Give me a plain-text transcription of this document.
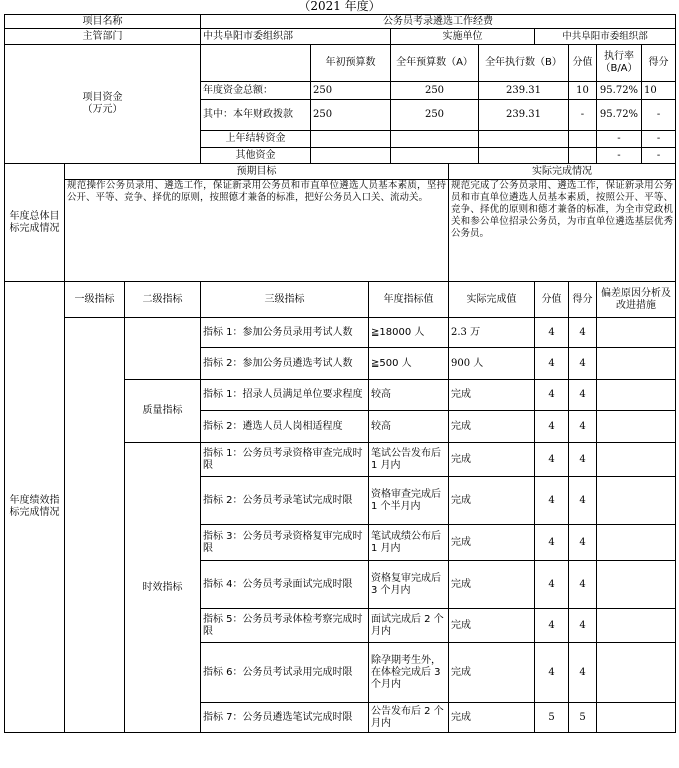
（2021 年度）
项目名称			公务员考录遴选工作经费									
主管部门			中共阜阳市委组织部			实施单位			中共阜阳市委组织部			
项目资金
（万元）				年初预算数		全年预算数（A）		全年执行数（B）		分值	执行率（B/A）	得分
			年度资金总额：	250		250		239.31		10	95.72%	10
			其中：本年财政拨款	250		250		239.31		-	95.72%	-
			上年结转资金								-	-
			其他资金								-	-
年度总体目标完成情况	预期目标						实际完成情况					
	规范操作公务员录用、遴选工作，保证新录用公务员和市直单位遴选人员基本素质，坚持公开、平等、竞争、择优的原则，按照德才兼备的标准，把好公务员入口关、流动关。						规范完成了公务员录用、遴选工作，保证新录用公务员和市直单位遴选人员基本素质，按照公开、平等、竞争、择优的原则和德才兼备的标准，为全市党政机关和参公单位招录公务员，为市直单位遴选基层优秀公务员。					
年度绩效指标完成情况	一级指标	二级指标	三级指标		年度指标值		实际完成值		分值	得分	偏差原因分析及改进措施	
			指标 1：参加公务员录用考试人数		≧18000 人		2.3 万		4	4		
			指标 2：参加公务员遴选考试人数		≧500 人		900 人		4	4		
		质量指标	指标 1：招录人员满足单位要求程度		较高		完成		4	4		
			指标 2：遴选人员人岗相适程度		较高		完成		4	4		
		时效指标	指标 1：公务员考录资格审查完成时限		笔试公告发布后 1 月内		完成		4	4		
			指标 2：公务员考录笔试完成时限		资格审查完成后 1 个半月内		完成		4	4		
			指标 3：公务员考录资格复审完成时限		笔试成绩公布后 1 月内		完成		4	4		
			指标 4：公务员考录面试完成时限		资格复审完成后 3 个月内		完成		4	4		
			指标 5：公务员考录体检考察完成时限		面试完成后 2 个月内		完成		4	4		
			指标 6：公务员考试录用完成时限		除孕期考生外，在体检完成后 3 个月内		完成		4	4		
			指标 7：公务员遴选笔试完成时限		公告发布后 2 个月内		完成		5	5		
